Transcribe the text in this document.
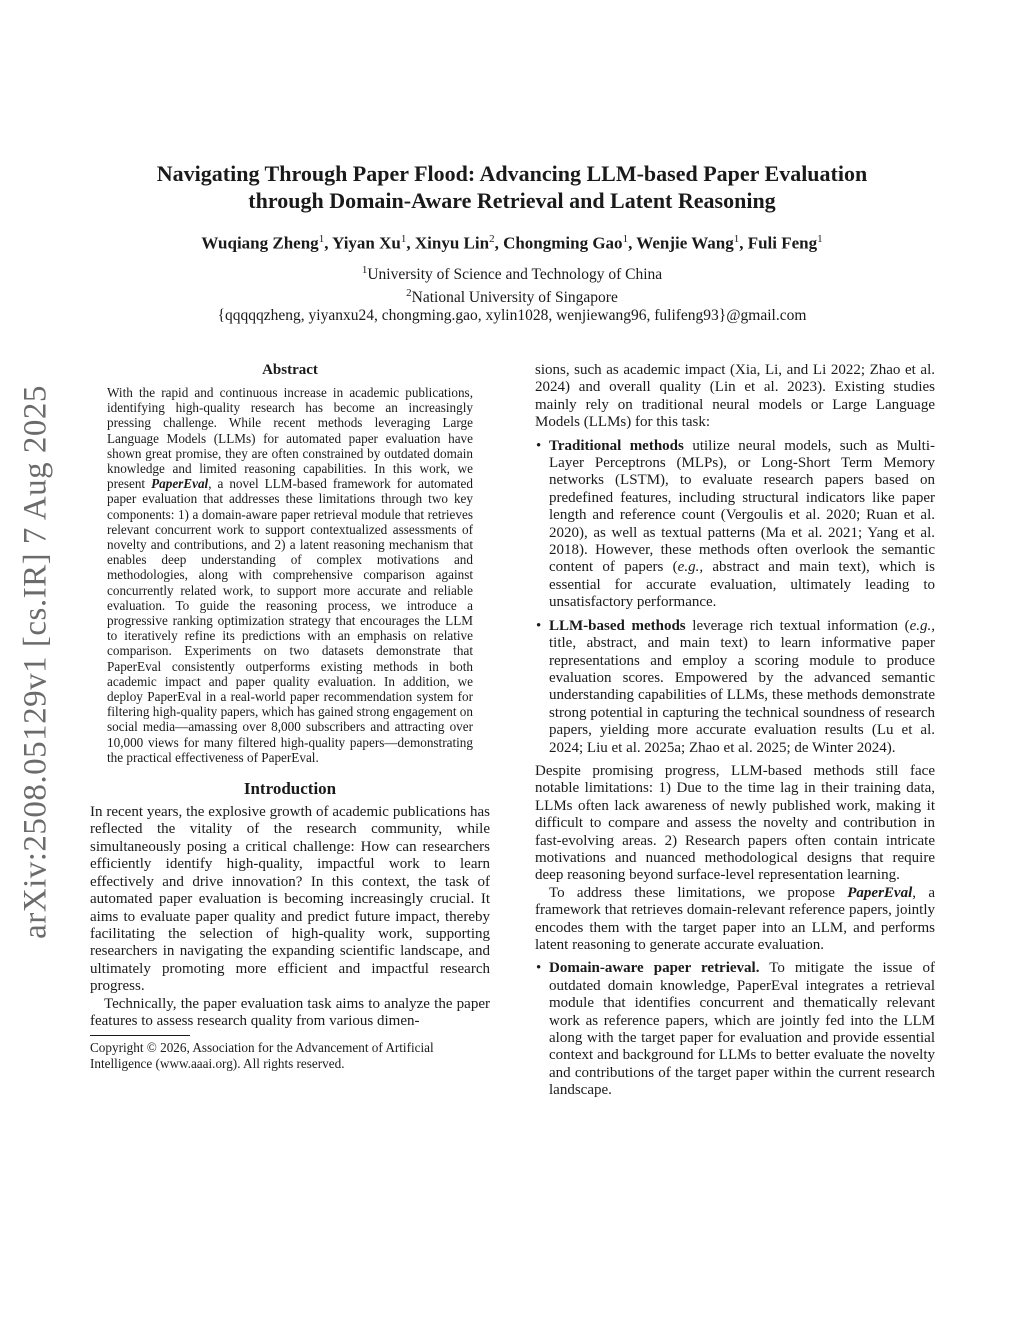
arXiv:2508.05129v1 [cs.IR] 7 Aug 2025
Navigating Through Paper Flood: Advancing LLM-based Paper Evaluation
through Domain-Aware Retrieval and Latent Reasoning
Wuqiang Zheng$^1$, Yiyan Xu$^1$, Xinyu Lin$^2$, Chongming Gao$^1$, Wenjie Wang$^1$, Fuli Feng$^1$
$^1$University of Science and Technology of China
$^2$National University of Singapore
{qqqqqzheng, yiyanxu24, chongming.gao, xylin1028, wenjiewang96, fulifeng93}@gmail.com
Abstract

With the rapid and continuous increase in academic publications, identifying high-quality research has become an increasingly pressing challenge. While recent methods leveraging Large Language Models (LLMs) for automated paper evaluation have shown great promise, they are often constrained by outdated domain knowledge and limited reasoning capabilities. In this work, we present PaperEval, a novel LLM-based framework for automated paper evaluation that addresses these limitations through two key components: 1) a domain-aware paper retrieval module that retrieves relevant concurrent work to support contextualized assessments of novelty and contributions, and 2) a latent reasoning mechanism that enables deep understanding of complex motivations and methodologies, along with comprehensive comparison against concurrently related work, to support more accurate and reliable evaluation. To guide the reasoning process, we introduce a progressive ranking optimization strategy that encourages the LLM to iteratively refine its predictions with an emphasis on relative comparison. Experiments on two datasets demonstrate that PaperEval consistently outperforms existing methods in both academic impact and paper quality evaluation. In addition, we deploy PaperEval in a real-world paper recommendation system for filtering high-quality papers, which has gained strong engagement on social media—amassing over 8,000 subscribers and attracting over 10,000 views for many filtered high-quality papers—demonstrating the practical effectiveness of PaperEval.

Introduction

In recent years, the explosive growth of academic publications has reflected the vitality of the research community, while simultaneously posing a critical challenge: How can researchers efficiently identify high-quality, impactful work to learn effectively and drive innovation? In this context, the task of automated paper evaluation is becoming increasingly crucial. It aims to evaluate paper quality and predict future impact, thereby facilitating the selection of high-quality work, supporting researchers in navigating the expanding scientific landscape, and ultimately promoting more efficient and impactful research progress.

Technically, the paper evaluation task aims to analyze the paper features to assess research quality from various dimen-

Copyright © 2026, Association for the Advancement of Artificial Intelligence (www.aaai.org). All rights reserved.

sions, such as academic impact (Xia, Li, and Li 2022; Zhao et al. 2024) and overall quality (Lin et al. 2023). Existing studies mainly rely on traditional neural models or Large Language Models (LLMs) for this task:

• Traditional methods utilize neural models, such as Multi-Layer Perceptrons (MLPs), or Long-Short Term Memory networks (LSTM), to evaluate research papers based on predefined features, including structural indicators like paper length and reference count (Vergoulis et al. 2020; Ruan et al. 2020), as well as textual patterns (Ma et al. 2021; Yang et al. 2018). However, these methods often overlook the semantic content of papers (e.g., abstract and main text), which is essential for accurate evaluation, ultimately leading to unsatisfactory performance.
• LLM-based methods leverage rich textual information (e.g., title, abstract, and main text) to learn informative paper representations and employ a scoring module to produce evaluation scores. Empowered by the advanced semantic understanding capabilities of LLMs, these methods demonstrate strong potential in capturing the technical soundness of research papers, yielding more accurate evaluation results (Lu et al. 2024; Liu et al. 2025a; Zhao et al. 2025; de Winter 2024).

Despite promising progress, LLM-based methods still face notable limitations: 1) Due to the time lag in their training data, LLMs often lack awareness of newly published work, making it difficult to compare and assess the novelty and contribution in fast-evolving areas. 2) Research papers often contain intricate motivations and nuanced methodological designs that require deep reasoning beyond surface-level representation learning.

To address these limitations, we propose PaperEval, a framework that retrieves domain-relevant reference papers, jointly encodes them with the target paper into an LLM, and performs latent reasoning to generate accurate evaluation.

• Domain-aware paper retrieval. To mitigate the issue of outdated domain knowledge, PaperEval integrates a retrieval module that identifies concurrent and thematically relevant work as reference papers, which are jointly fed into the LLM along with the target paper for evaluation and provide essential context and background for LLMs to better evaluate the novelty and contributions of the target paper within the current research landscape.
